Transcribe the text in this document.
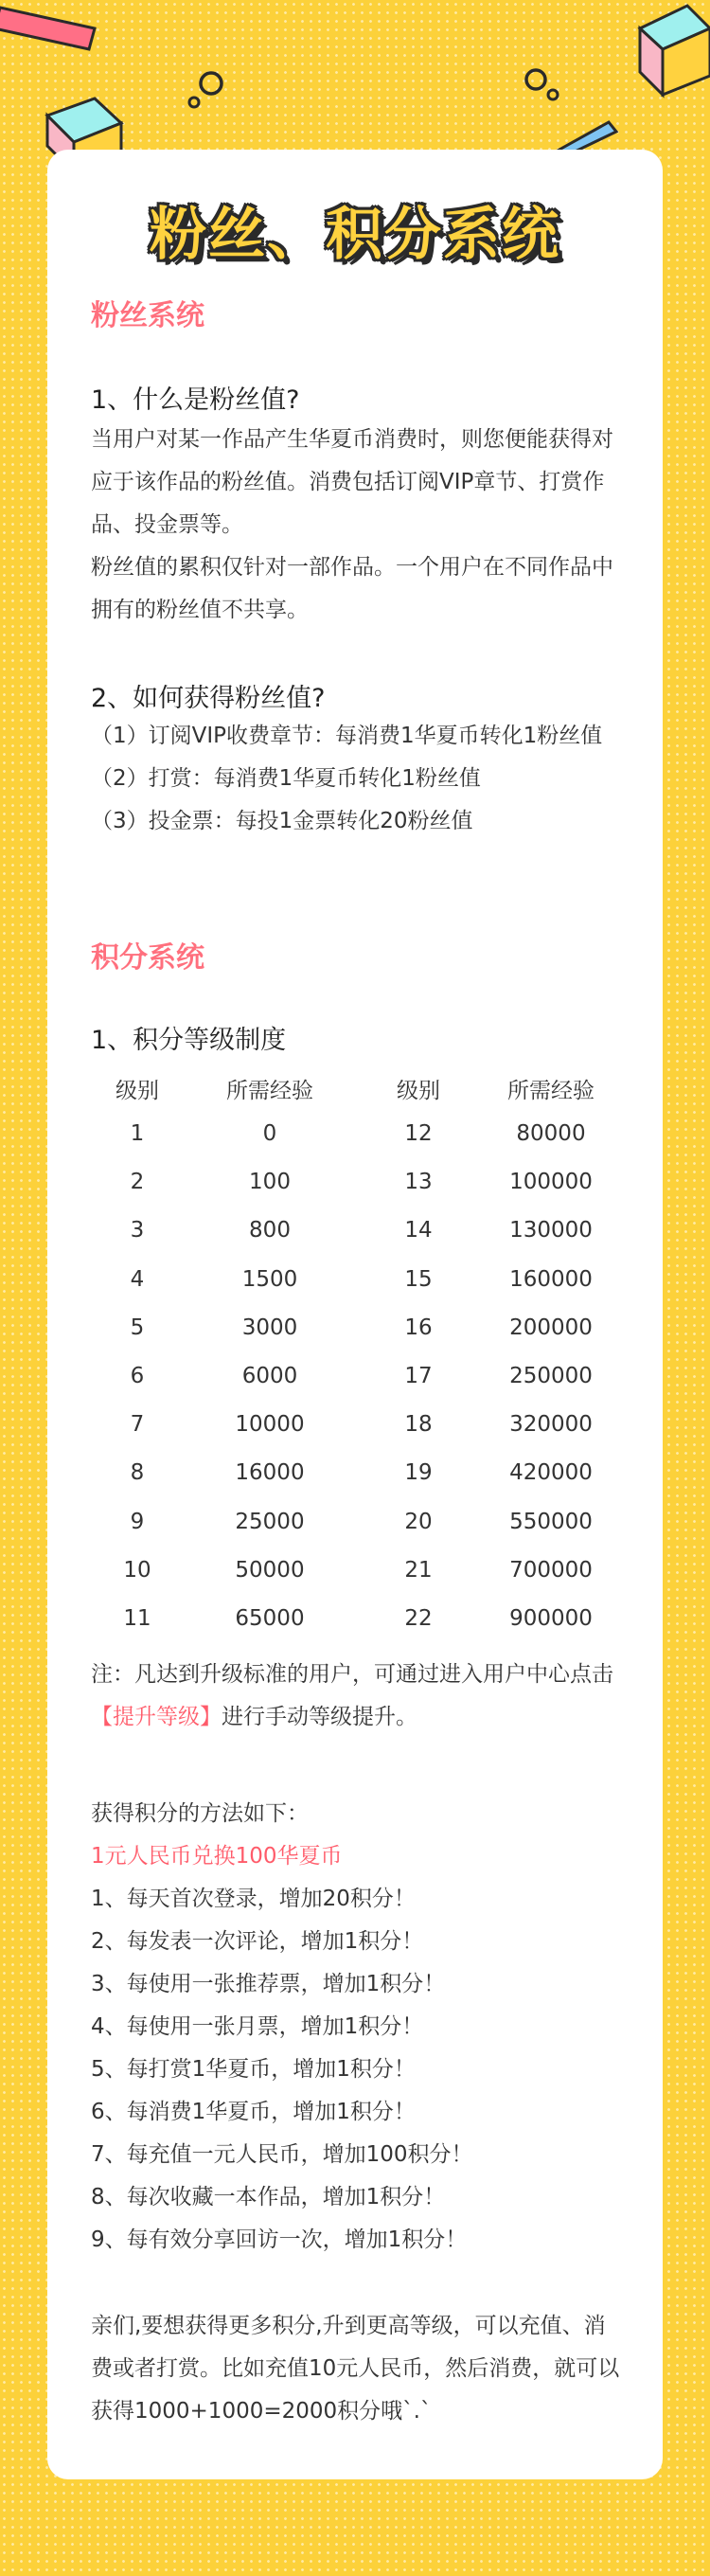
粉丝、积分系统
粉丝系统
1、什么是粉丝值?
当用户对某一作品产生华夏币消费时，则您便能获得对应于该作品的粉丝值。消费包括订阅VIP章节、打赏作品、投金票等。
粉丝值的累积仅针对一部作品。一个用户在不同作品中拥有的粉丝值不共享。
2、如何获得粉丝值?
（1）订阅VIP收费章节：每消费1华夏币转化1粉丝值
（2）打赏：每消费1华夏币转化1粉丝值
（3）投金票：每投1金票转化20粉丝值
积分系统
1、积分等级制度
级别	所需经验	级别	所需经验
1	0	12	80000
2	100	13	100000
3	800	14	130000
4	1500	15	160000
5	3000	16	200000
6	6000	17	250000
7	10000	18	320000
8	16000	19	420000
9	25000	20	550000
10	50000	21	700000
11	65000	22	900000
注：凡达到升级标准的用户，可通过进入用户中心点击【提升等级】进行手动等级提升。
获得积分的方法如下：
1元人民币兑换100华夏币
1、每天首次登录，增加20积分！
2、每发表一次评论，增加1积分！
3、每使用一张推荐票，增加1积分！
4、每使用一张月票，增加1积分！
5、每打赏1华夏币，增加1积分！
6、每消费1华夏币，增加1积分！
7、每充值一元人民币，增加100积分！
8、每次收藏一本作品，增加1积分！
9、每有效分享回访一次，增加1积分！
亲们,要想获得更多积分,升到更高等级，可以充值、消费或者打赏。比如充值10元人民币，然后消费，就可以获得1000+1000=2000积分哦`.`
